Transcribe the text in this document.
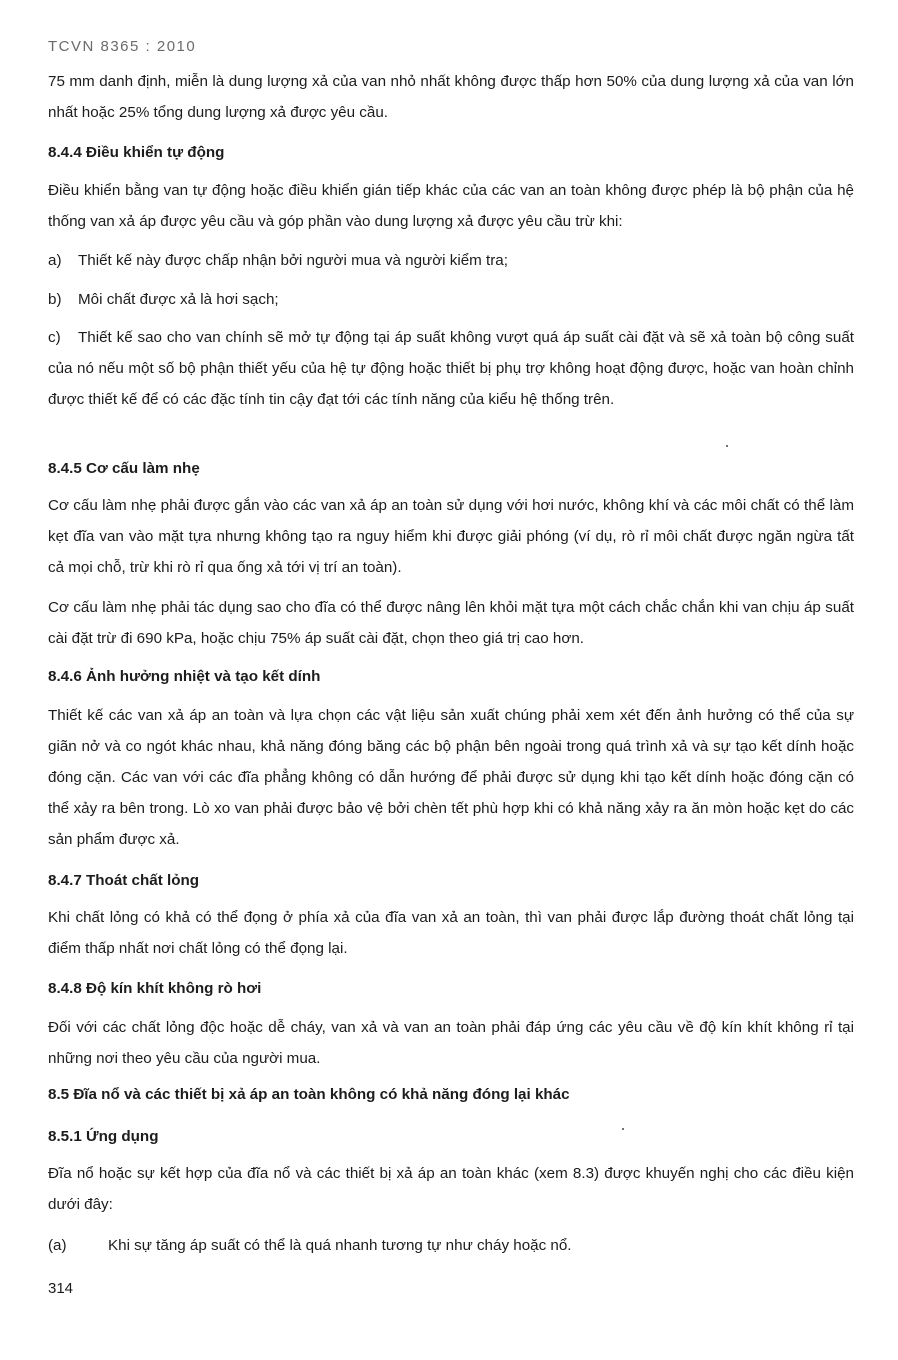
TCVN 8365 : 2010

75 mm danh định, miễn là dung lượng xả của van nhỏ nhất không được thấp hơn 50% của dung lượng xả của van lớn nhất hoặc 25% tổng dung lượng xả được yêu cầu.

8.4.4 Điều khiển tự động

Điều khiển bằng van tự động hoặc điều khiển gián tiếp khác của các van an toàn không được phép là bộ phận của hệ thống van xả áp được yêu cầu và góp phần vào dung lượng xả được yêu cầu trừ khi:

a) Thiết kế này được chấp nhận bởi người mua và người kiểm tra;
b) Môi chất được xả là hơi sạch;
c) Thiết kế sao cho van chính sẽ mở tự động tại áp suất không vượt quá áp suất cài đặt và sẽ xả toàn bộ công suất của nó nếu một số bộ phận thiết yếu của hệ tự động hoặc thiết bị phụ trợ không hoạt động được, hoặc van hoàn chỉnh được thiết kế để có các đặc tính tin cậy đạt tới các tính năng của kiểu hệ thống trên.

8.4.5 Cơ cấu làm nhẹ

Cơ cấu làm nhẹ phải được gắn vào các van xả áp an toàn sử dụng với hơi nước, không khí và các môi chất có thể làm kẹt đĩa van vào mặt tựa nhưng không tạo ra nguy hiểm khi được giải phóng (ví dụ, rò rỉ môi chất được ngăn ngừa tất cả mọi chỗ, trừ khi rò rỉ qua ống xả tới vị trí an toàn).

Cơ cấu làm nhẹ phải tác dụng sao cho đĩa có thể được nâng lên khỏi mặt tựa một cách chắc chắn khi van chịu áp suất cài đặt trừ đi 690 kPa, hoặc chịu 75% áp suất cài đặt, chọn theo giá trị cao hơn.

8.4.6 Ảnh hưởng nhiệt và tạo kết dính

Thiết kế các van xả áp an toàn và lựa chọn các vật liệu sản xuất chúng phải xem xét đến ảnh hưởng có thể của sự giãn nở và co ngót khác nhau, khả năng đóng băng các bộ phận bên ngoài trong quá trình xả và sự tạo kết dính hoặc đóng cặn. Các van với các đĩa phẳng không có dẫn hướng để phải được sử dụng khi tạo kết dính hoặc đóng cặn có thể xảy ra bên trong. Lò xo van phải được bảo vệ bởi chèn tết phù hợp khi có khả năng xảy ra ăn mòn hoặc kẹt do các sản phẩm được xả.

8.4.7 Thoát chất lỏng

Khi chất lỏng có khả có thể đọng ở phía xả của đĩa van xả an toàn, thì van phải được lắp đường thoát chất lỏng tại điểm thấp nhất nơi chất lỏng có thể đọng lại.

8.4.8 Độ kín khít không rò hơi

Đối với các chất lỏng độc hoặc dễ cháy, van xả và van an toàn phải đáp ứng các yêu cầu về độ kín khít không rỉ tại những nơi theo yêu cầu của người mua.

8.5 Đĩa nổ và các thiết bị xả áp an toàn không có khả năng đóng lại khác

8.5.1 Ứng dụng

Đĩa nổ hoặc sự kết hợp của đĩa nổ và các thiết bị xả áp an toàn khác (xem 8.3) được khuyến nghị cho các điều kiện dưới đây:

(a)	Khi sự tăng áp suất có thể là quá nhanh tương tự như cháy hoặc nổ.
314
